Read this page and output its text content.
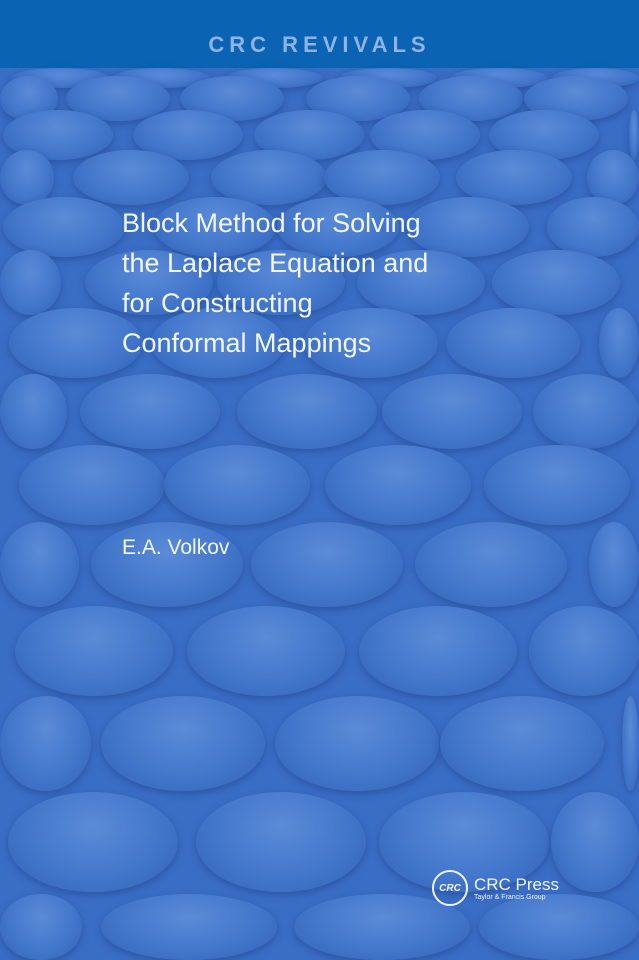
CRC REVIVALS
Block Method for Solving
the Laplace Equation and
for Constructing
Conformal Mappings
E.A. Volkov
CRC CRC Press
Taylor & Francis Group
